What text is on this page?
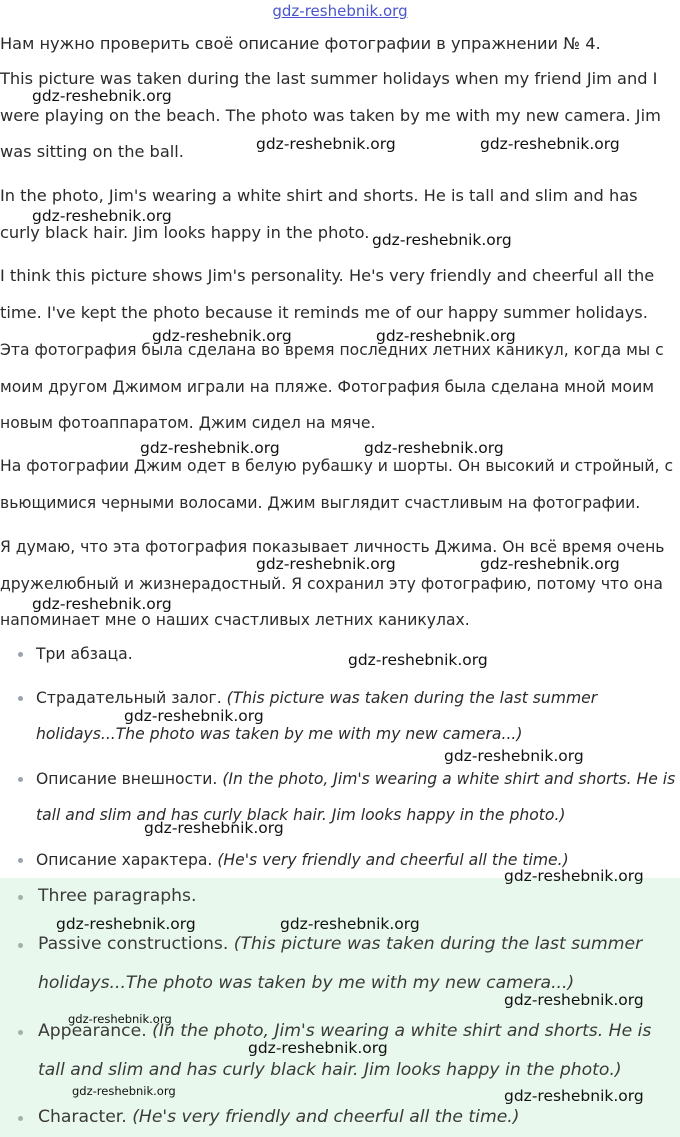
gdz-reshebnik.org

Нам нужно проверить своё описание фотографии в упражнении № 4.

This picture was taken during the last summer holidays when my friend Jim and I were playing on the beach. The photo was taken by me with my new camera. Jim was sitting on the ball.

In the photo, Jim's wearing a white shirt and shorts. He is tall and slim and has curly black hair. Jim looks happy in the photo.

I think this picture shows Jim's personality. He's very friendly and cheerful all the time. I've kept the photo because it reminds me of our happy summer holidays.

Эта фотография была сделана во время последних летних каникул, когда мы с моим другом Джимом играли на пляже. Фотография была сделана мной моим новым фотоаппаратом. Джим сидел на мяче.

На фотографии Джим одет в белую рубашку и шорты. Он высокий и стройный, с вьющимися черными волосами. Джим выглядит счастливым на фотографии.

Я думаю, что эта фотография показывает личность Джима. Он всё время очень дружелюбный и жизнерадостный. Я сохранил эту фотографию, потому что она напоминает мне о наших счастливых летних каникулах.

Три абзаца.
Страдательный залог. (This picture was taken during the last summer holidays...The photo was taken by me with my new camera...)
Описание внешности. (In the photo, Jim's wearing a white shirt and shorts. He is tall and slim and has curly black hair. Jim looks happy in the photo.)
Описание характера. (He's very friendly and cheerful all the time.)
Three paragraphs.
Passive constructions. (This picture was taken during the last summer holidays...The photo was taken by me with my new camera...)
Appearance. (In the photo, Jim's wearing a white shirt and shorts. He is tall and slim and has curly black hair. Jim looks happy in the photo.)
Character. (He's very friendly and cheerful all the time.)
gdz-reshebnik.org
gdz-reshebnik.org	gdz-reshebnik.org
gdz-reshebnik.org
gdz-reshebnik.org
gdz-reshebnik.org	gdz-reshebnik.org
gdz-reshebnik.org	gdz-reshebnik.org
gdz-reshebnik.org	gdz-reshebnik.org
gdz-reshebnik.org
gdz-reshebnik.org
gdz-reshebnik.org
gdz-reshebnik.org
gdz-reshebnik.org
gdz-reshebnik.org
gdz-reshebnik.org	gdz-reshebnik.org
gdz-reshebnik.org
gdz-reshebnik.org
gdz-reshebnik.org
gdz-reshebnik.org	gdz-reshebnik.org
